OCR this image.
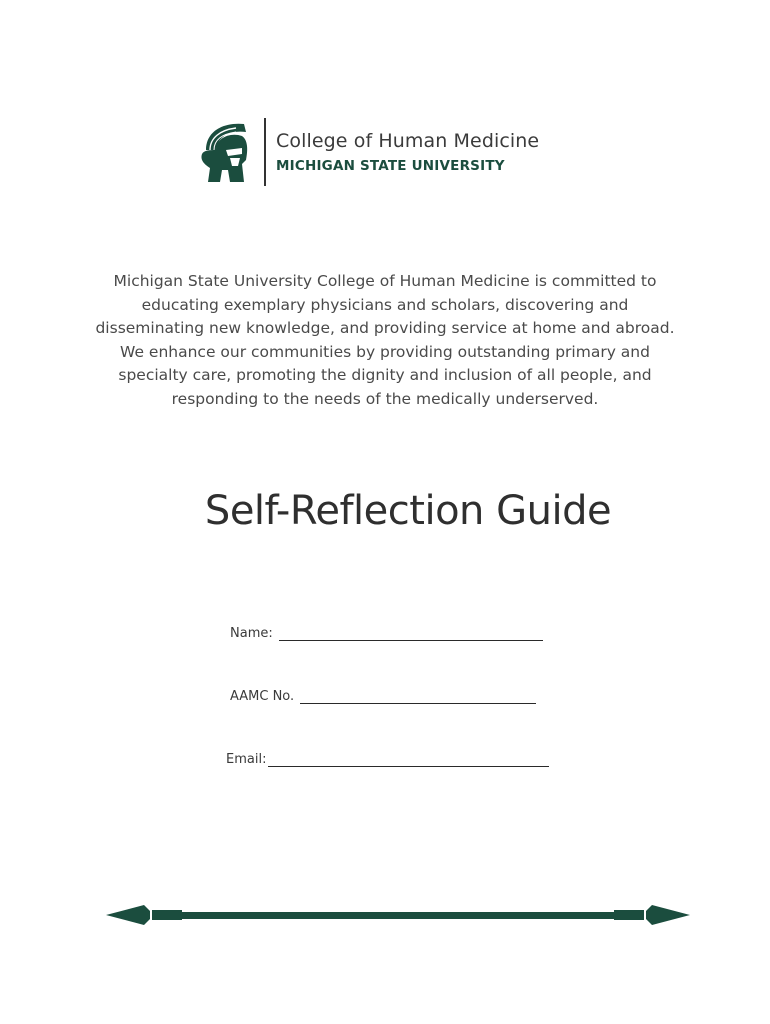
College of Human Medicine
MICHIGAN STATE UNIVERSITY

Michigan State University College of Human Medicine is committed to educating exemplary physicians and scholars, discovering and disseminating new knowledge, and providing service at home and abroad. We enhance our communities by providing outstanding primary and specialty care, promoting the dignity and inclusion of all people, and responding to the needs of the medically underserved.

Self-Reflection Guide
Name:
AAMC No.
Email:
